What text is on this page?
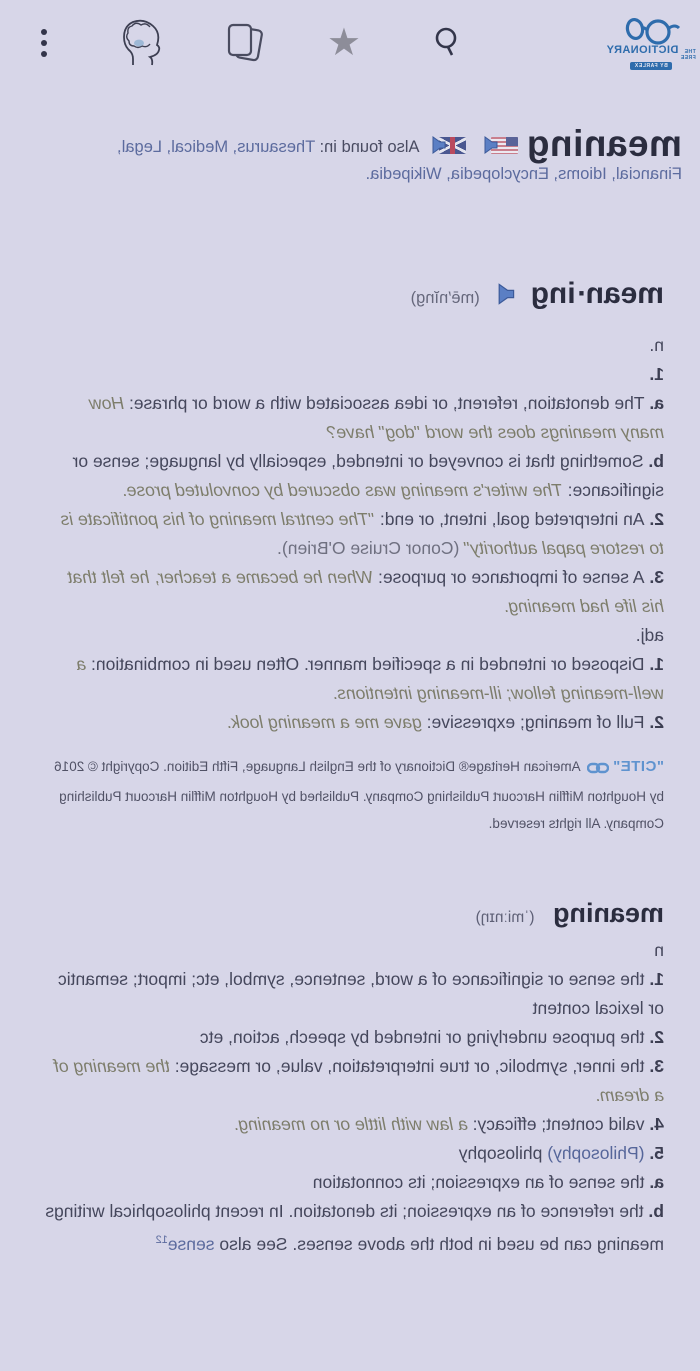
THE FREE
DICTIONARY
BY FARLEX
★
meaning

Also found in: Thesaurus , Medical , Legal , Financial , Idioms , Encyclopedia , Wikipedia .
mean·ing  (mē′nĭng)

n.

1.

a. The denotation, referent, or idea associated with a word or phrase: How many meanings does the word "dog" have?

b. Something that is conveyed or intended, especially by language; sense or significance: The writer's meaning was obscured by convoluted prose.

2. An interpreted goal, intent, or end: "The central meaning of his pontificate is to restore papal authority" (Conor Cruise O'Brien).

3. A sense of importance or purpose: When he became a teacher, he felt that his life had meaning.

adj.

1. Disposed or intended in a specified manner. Often used in combination: a well-meaning fellow; ill-meaning intentions.

2. Full of meaning; expressive: gave me a meaning look.

"CITE"American Heritage® Dictionary of the English Language, Fifth Edition. Copyright © 2016 by Houghton Mifflin Harcourt Publishing Company. Published by Houghton Mifflin Harcourt Publishing Company. All rights reserved.

meaning (ˈmiːnɪŋ)

n

1. the sense or significance of a word, sentence, symbol, etc; import; semantic or lexical content

2. the purpose underlying or intended by speech, action, etc

3. the inner, symbolic, or true interpretation, value, or message: the meaning of a dream.

4. valid content; efficacy: a law with little or no meaning.

5. (Philosophy) philosophy

a. the sense of an expression; its connotation

b. the reference of an expression; its denotation. In recent philosophical writings meaning can be used in both the above senses. See also sense$^{12}$
